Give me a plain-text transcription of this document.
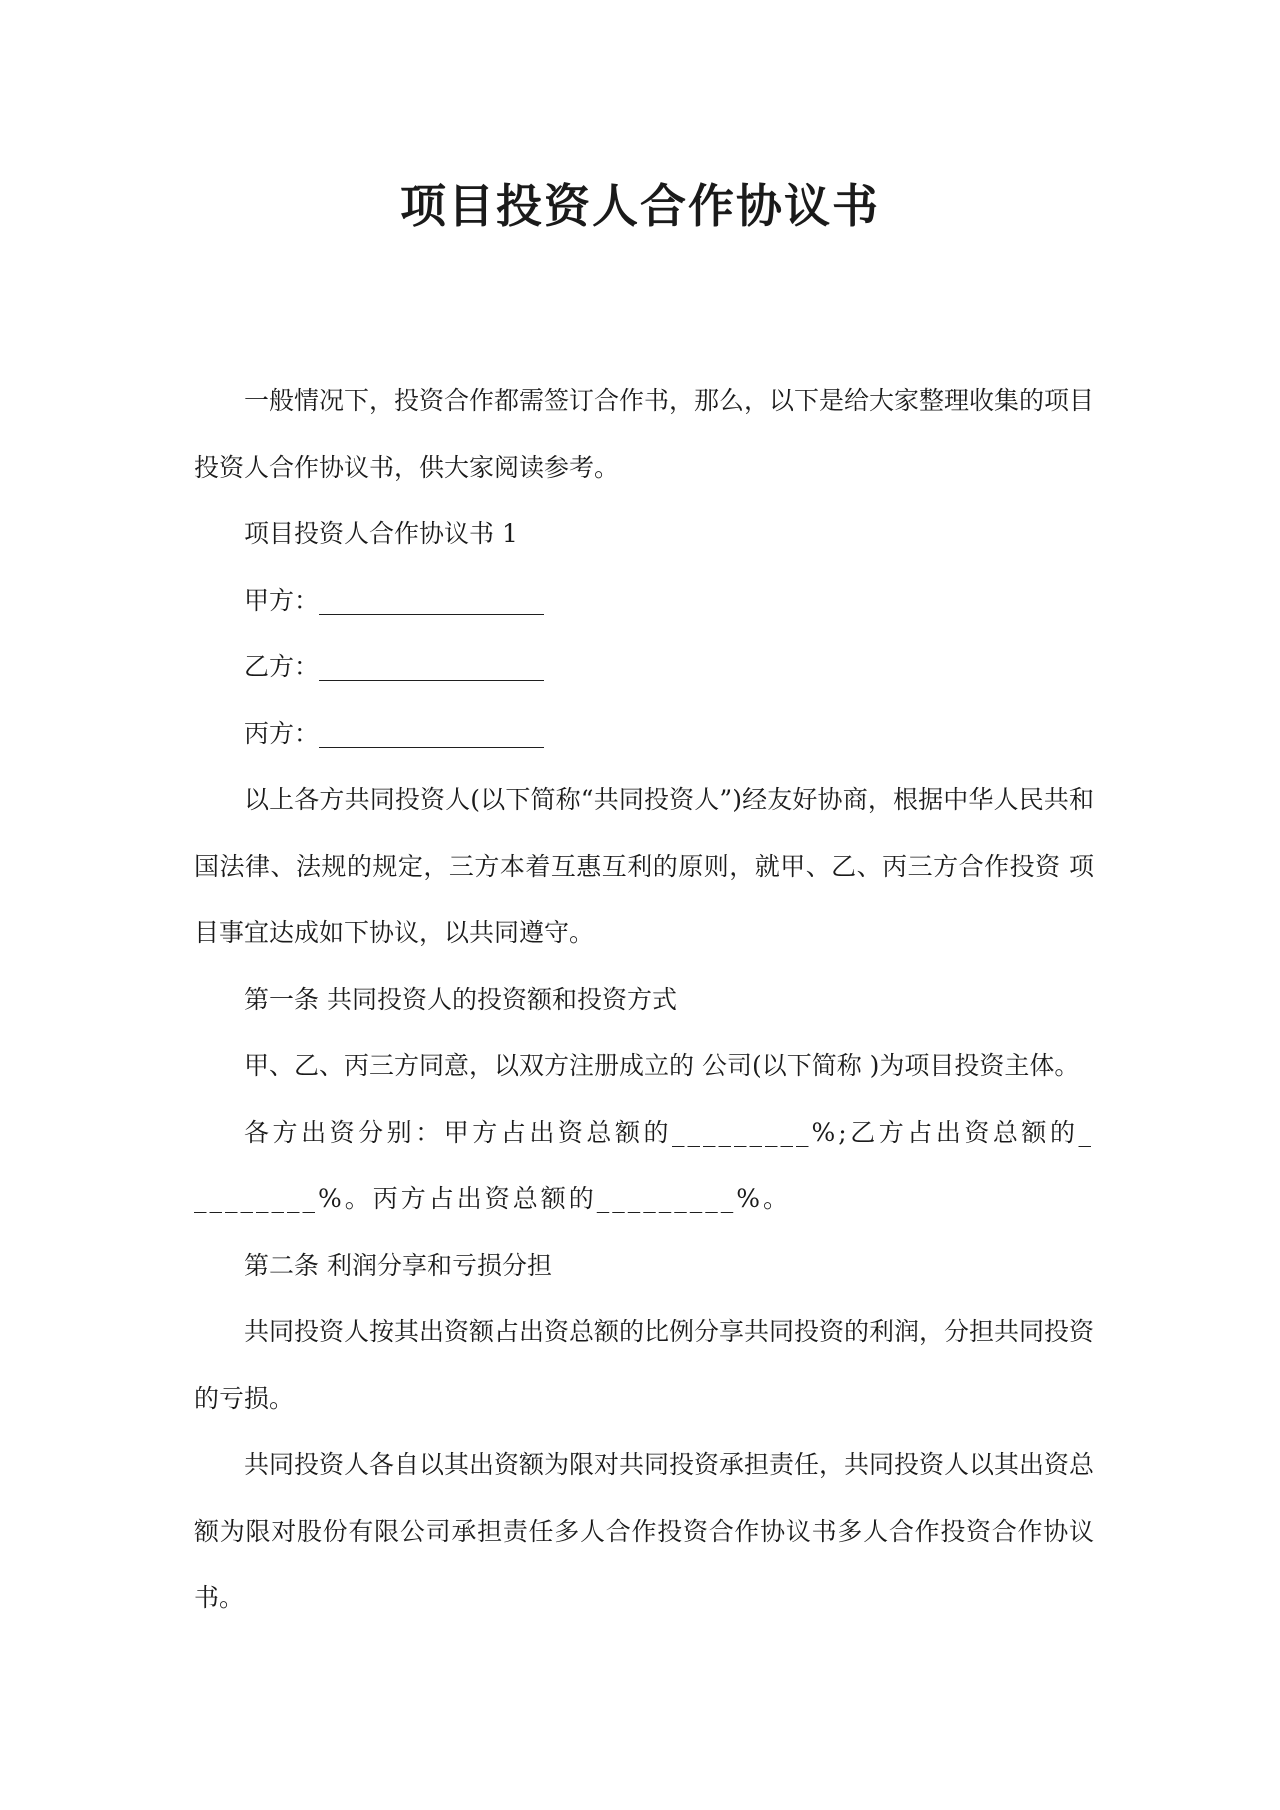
项目投资人合作协议书

一般情况下，投资合作都需签订合作书，那么，以下是给大家整理收集的项目投资人合作协议书，供大家阅读参考。

项目投资人合作协议书 1

甲方：__________________

乙方：__________________

丙方：__________________

以上各方共同投资人(以下简称“共同投资人”)经友好协商，根据中华人民共和国法律、法规的规定，三方本着互惠互利的原则，就甲、乙、丙三方合作投资 项目事宜达成如下协议，以共同遵守。

第一条 共同投资人的投资额和投资方式

甲、乙、丙三方同意，以双方注册成立的 公司(以下简称 )为项目投资主体。

各方出资分别：甲方占出资总额的_________%;乙方占出资总额的_________%。丙方占出资总额的_________%。

第二条 利润分享和亏损分担

共同投资人按其出资额占出资总额的比例分享共同投资的利润，分担共同投资的亏损。

共同投资人各自以其出资额为限对共同投资承担责任，共同投资人以其出资总额为限对股份有限公司承担责任多人合作投资合作协议书多人合作投资合作协议书。
